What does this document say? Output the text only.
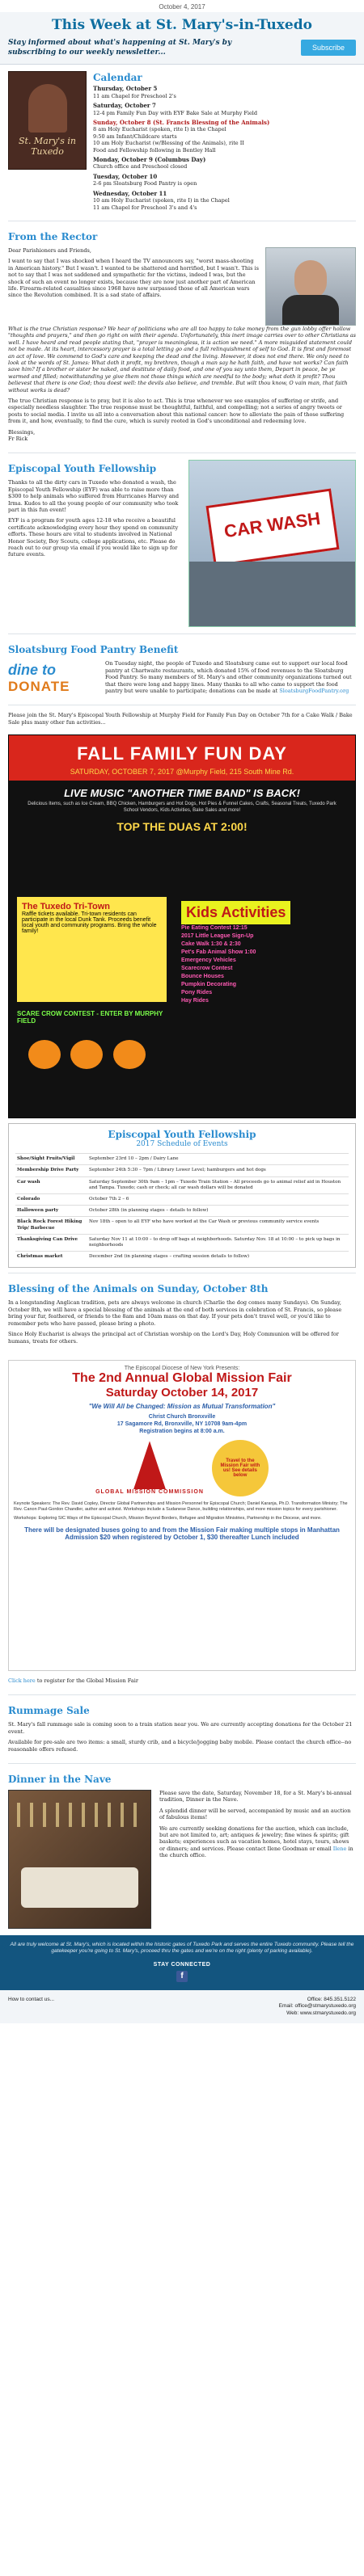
October 4, 2017
This Week at St. Mary's-in-Tuxedo
Stay informed about what's happening at St. Mary's by subscribing to our weekly newsletter...
Subscribe
St. Mary's in Tuxedo
Calendar
Thursday, October 5
11 am Chapel for Preschool 2's
Saturday, October 7
12-4 pm Family Fun Day with EYF Bake Sale at Murphy Field
Sunday, October 8 (St. Francis Blessing of the Animals)
8 am Holy Eucharist (spoken, rite I) in the Chapel
9:50 am Infant/Childcare starts
10 am Holy Eucharist (w/Blessing of the Animals), rite II
Food and Fellowship following in Bentley Hall
Monday, October 9 (Columbus Day)
Church office and Preschool closed
Tuesday, October 10
2-6 pm Sloatsburg Food Pantry is open
Wednesday, October 11
10 am Holy Eucharist (spoken, rite I) in the Chapel
11 am Chapel for Preschool 3's and 4's
From the Rector

Dear Parishioners and Friends,

I want to say that I was shocked when I heard the TV announcers say, "worst mass-shooting in American history." But I wasn't. I wanted to be shattered and horrified, but I wasn't. This is not to say that I was not saddened and sympathetic for the victims, indeed I was, but the shock of such an event no longer exists, because they are now just another part of American life. Firearm-related casualties since 1968 have now surpassed those of all American wars since the Revolution combined. It is a sad state of affairs.

What is the true Christian response? We hear of politicians who are all too happy to take money from the gun lobby offer hollow "thoughts and prayers," and then go right on with their agenda. Unfortunately, this inert image carries over to other Christians as well. I have heard and read people stating that, "prayer is meaningless, it is action we need." A more misguided statement could not be made. At its heart, intercessory prayer is a total letting go and a full relinquishment of self to God. It is first and foremost an act of love. We commend to God's care and keeping the dead and the living. However, it does not end there. We only need to look at the words of St. James: What doth it profit, my brethren, though a man say he hath faith, and have not works? Can faith save him? If a brother or sister be naked, and destitute of daily food, and one of you say unto them, Depart in peace, be ye warmed and filled; notwithstanding ye give them not those things which are needful to the body; what doth it profit? Thou believest that there is one God; thou doest well: the devils also believe, and tremble. But wilt thou know, O vain man, that faith without works is dead?

The true Christian response is to pray, but it is also to act. This is true whenever we see examples of suffering or strife, and especially needless slaughter. The true response must be thoughtful, faithful, and compelling; not a series of angry tweets or posts to social media. I invite us all into a conversation about this national cancer: how to alleviate the pain of those suffering from it, and how, eventually, to find the cure, which is surely rooted in God's unconditional and redeeming love.

Blessings,
Fr Rick

Episcopal Youth Fellowship

Thanks to all the dirty cars in Tuxedo who donated a wash, the Episcopal Youth Fellowship (EYF) was able to raise more than $300 to help animals who suffered from Hurricanes Harvey and Irma. Kudos to all the young people of our community who took part in this fun event!

EYF is a program for youth ages 12-18 who receive a beautiful certificate acknowledging every hour they spend on community efforts. These hours are vital to students involved in National Honor Society, Boy Scouts, college applications, etc. Please do reach out to our group via email if you would like to sign up for future events.

CAR WASH
Sloatsburg Food Pantry Benefit
dine to
DONATE

On Tuesday night, the people of Tuxedo and Sloatsburg came out to support our local food pantry at Chartwaite restaurants, which donated 15% of food revenues to the Sloatsburg Food Pantry. So many members of St. Mary's and other community organizations turned out that there were long and happy lines. Many thanks to all who came to support the food pantry but were unable to participate; donations can be made at SloatsburgFoodPantry.org

Please join the St. Mary's Episcopal Youth Fellowship at Murphy Field for Family Fun Day on October 7th for a Cake Walk / Bake Sale plus many other fun activities...

FALL FAMILY FUN DAY
SATURDAY, OCTOBER 7, 2017 @Murphy Field, 215 South Mine Rd.
LIVE MUSIC "ANOTHER TIME BAND" IS BACK!
Delicious Items, such as Ice Cream, BBQ Chicken, Hamburgers and Hot Dogs, Hot Pies & Funnel Cakes, Crafts, Seasonal Treats, Tuxedo Park School Vendors, Kids Activities, Bake Sales and more!
TOP THE DUAS AT 2:00!
The Tuxedo Tri-Town
Raffle tickets available. Tri-town residents can participate in the local Dunk Tank. Proceeds benefit local youth and community programs. Bring the whole family!
Kids Activities
Pie Eating Contest 12:15
2017 Little League Sign-Up
Cake Walk 1:30 & 2:30
Pet's Fab Animal Show 1:00
Emergency Vehicles
Scarecrow Contest
Bounce Houses
Pumpkin Decorating
Pony Rides
Hay Rides
SCARE CROW CONTEST - ENTER BY MURPHY FIELD

Episcopal Youth Fellowship
2017 Schedule of Events
Shoe/Sight Fruits/Vigil	September 23rd 10 – 2pm / Dairy Lane
Membership Drive Party	September 24th 5:30 – 7pm / Library Lower Level; hamburgers and hot dogs
Car wash	Saturday September 30th 9am – 1pm – Tuxedo Train Station – All proceeds go to animal relief aid in Houston and Tampa. Tuxedo; cash or check; all car wash dollars will be donated
Colorado	October 7th 2 – 6
Halloween party	October 28th (in planning stages – details to follow)
Black Rock Forest Hiking Trip/ Barbecue	Nov 18th – open to all EYF who have worked at the Car Wash or previous community service events
Thanksgiving Can Drive	Saturday Nov 11 at 10:00 – to drop off bags at neighborhoods. Saturday Nov. 18 at 10:00 – to pick up bags in neighborhoods
Christmas market	December 2nd (in planning stages – crafting session details to follow)
Blessing of the Animals on Sunday, October 8th

In a longstanding Anglican tradition, pets are always welcome in church (Charlie the dog comes many Sundays). On Sunday, October 8th, we will have a special blessing of the animals at the end of both services in celebration of St. Francis, so please bring your fur, feathered, or friends to the 8am and 10am mass on that day. If your pets don't travel well, or you'd like to remember pets who have passed, please bring a photo.

Since Holy Eucharist is always the principal act of Christian worship on the Lord's Day, Holy Communion will be offered for humans, treats for others.

The Episcopal Diocese of New York Presents:
The 2nd Annual Global Mission Fair
Saturday October 14, 2017
"We Will All be Changed: Mission as Mutual Transformation"
Christ Church Bronxville
17 Sagamore Rd, Bronxville, NY 10708 9am-4pm
Registration begins at 8:00 a.m.
GLOBAL MISSION COMMISSION
Travel to the Mission Fair with us! See details below
Keynote Speakers: The Rev. David Copley, Director Global Partnerships and Mission Personnel for Episcopal Church; Daniel Karanja, Ph.D. Transformation Ministry; The Rev. Canon Paul-Gordon Chandler, author and activist. Workshops include a Sudanese Dance, building relationships, and more mission topics for every parishioner.
Workshops: Exploring SIC Ways of the Episcopal Church, Mission Beyond Borders, Refugee and Migration Ministries, Partnership in the Diocese, and more.
There will be designated buses going to and from the Mission Fair making multiple stops in Manhattan
Admission $20 when registered by October 1, $30 thereafter Lunch included

Click here to register for the Global Mission Fair

Rummage Sale

St. Mary's fall rummage sale is coming soon to a train station near you. We are currently accepting donations for the October 21 event.

Available for pre-sale are two items: a small, sturdy crib, and a bicycle/jogging baby mobile. Please contact the church office--no reasonable offers refused.

Dinner in the Nave

Please save the date, Saturday, November 18, for a St. Mary's bi-annual tradition, Dinner in the Nave.

A splendid dinner will be served, accompanied by music and an auction of fabulous items!

We are currently seeking donations for the auction, which can include, but are not limited to, art; antiques & jewelry; fine wines & spirits; gift baskets; experiences such as vacation homes, hotel stays, tours, shows or dinners; and services. Please contact Ilene Goodman or email Ilene in the church office.

All are truly welcome at St. Mary's, which is located within the historic gates of Tuxedo Park and serves the entire Tuxedo community. Please tell the gatekeeper you're going to St. Mary's, proceed thru the gates and we're on the right (plenty of parking available).
STAY CONNECTED
f
How to contact us...	Office: 845.351.5122
Email: office@stmarystuxedo.org
Web: www.stmarystuxedo.org
